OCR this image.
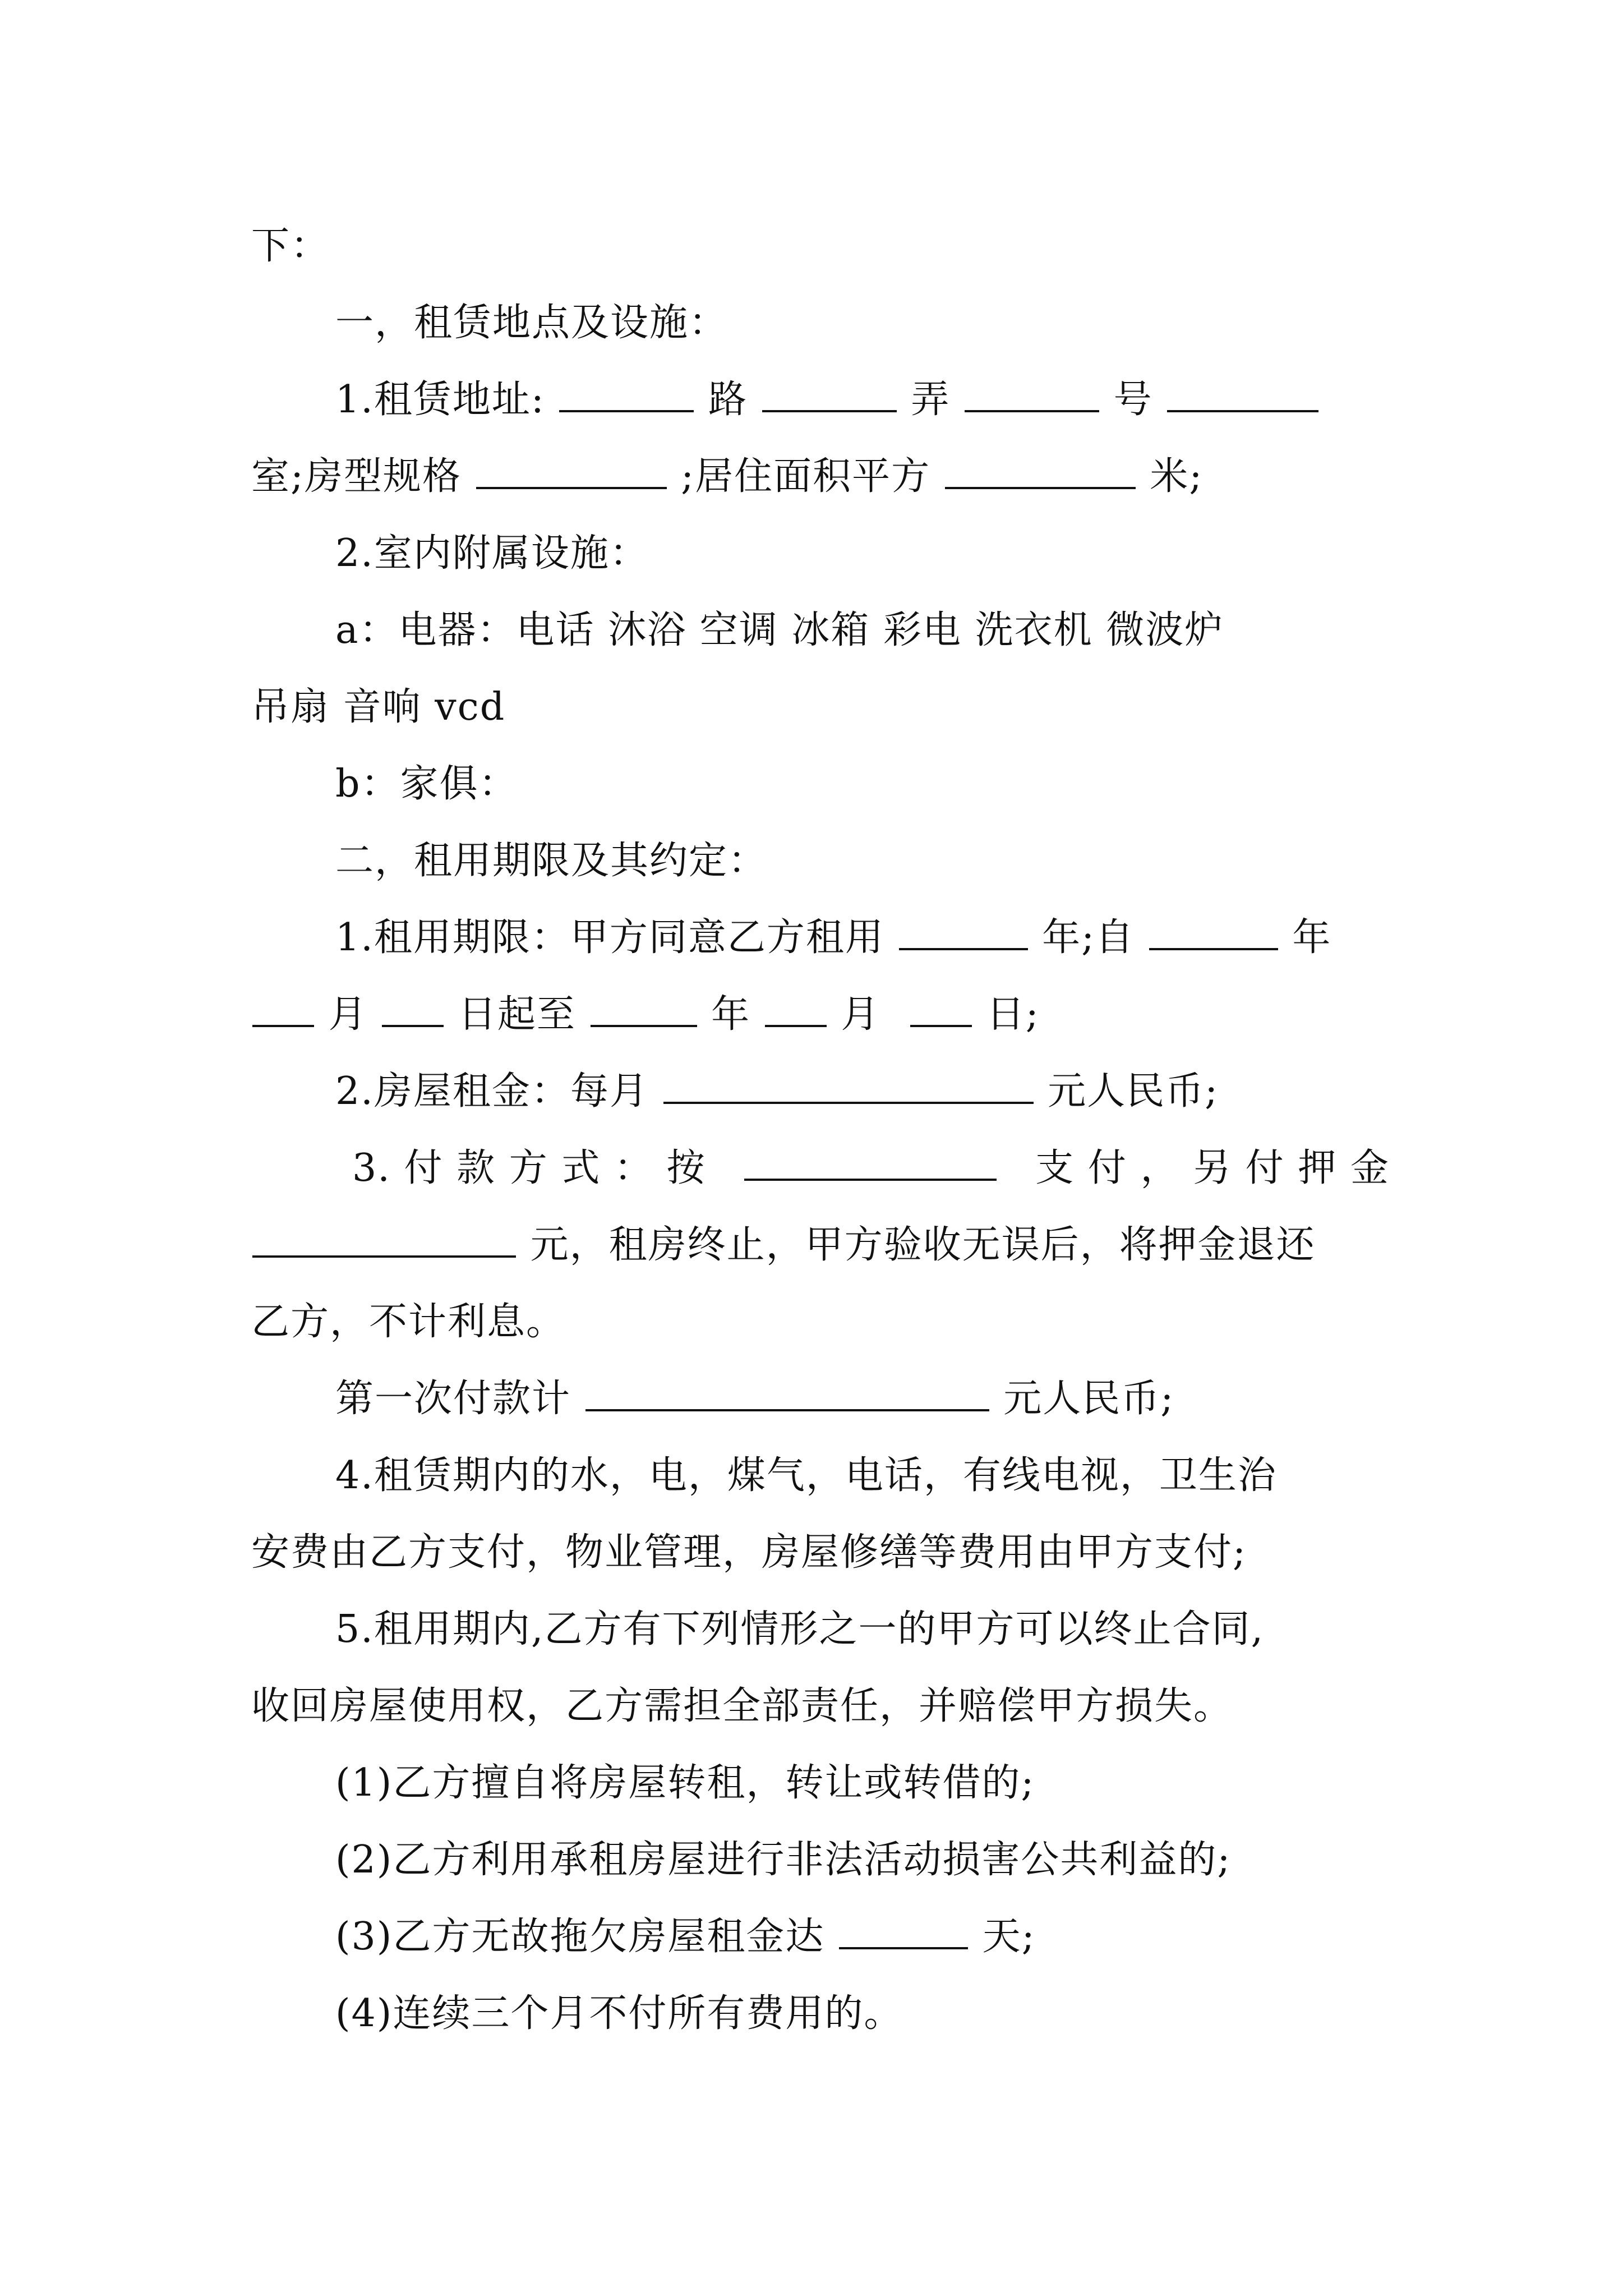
下：
一，租赁地点及设施：
1.租赁地址:	路	弄	号
室;房型规格	;居住面积平方	米;
2.室内附属设施：
a：电器：电话 沐浴 空调 冰箱 彩电 洗衣机 微波炉
吊扇 音响 vcd
b：家俱：
二，租用期限及其约定：
1.租用期限：甲方同意乙方租用	年;自	年
月 日起至	年 月	日;
2.房屋租金：每月	元人民币;
3. 付 款 方 式 ： 按	支 付 ， 另 付 押 金
元，租房终止，甲方验收无误后，将押金退还
乙方，不计利息。
第一次付款计	元人民币;
4.租赁期内的水，电，煤气，电话，有线电视，卫生治
安费由乙方支付，物业管理，房屋修缮等费用由甲方支付;
5.租用期内,乙方有下列情形之一的甲方可以终止合同,
收回房屋使用权，乙方需担全部责任，并赔偿甲方损失。
(1)乙方擅自将房屋转租，转让或转借的;
(2)乙方利用承租房屋进行非法活动损害公共利益的;
(3)乙方无故拖欠房屋租金达	天;
(4)连续三个月不付所有费用的。
